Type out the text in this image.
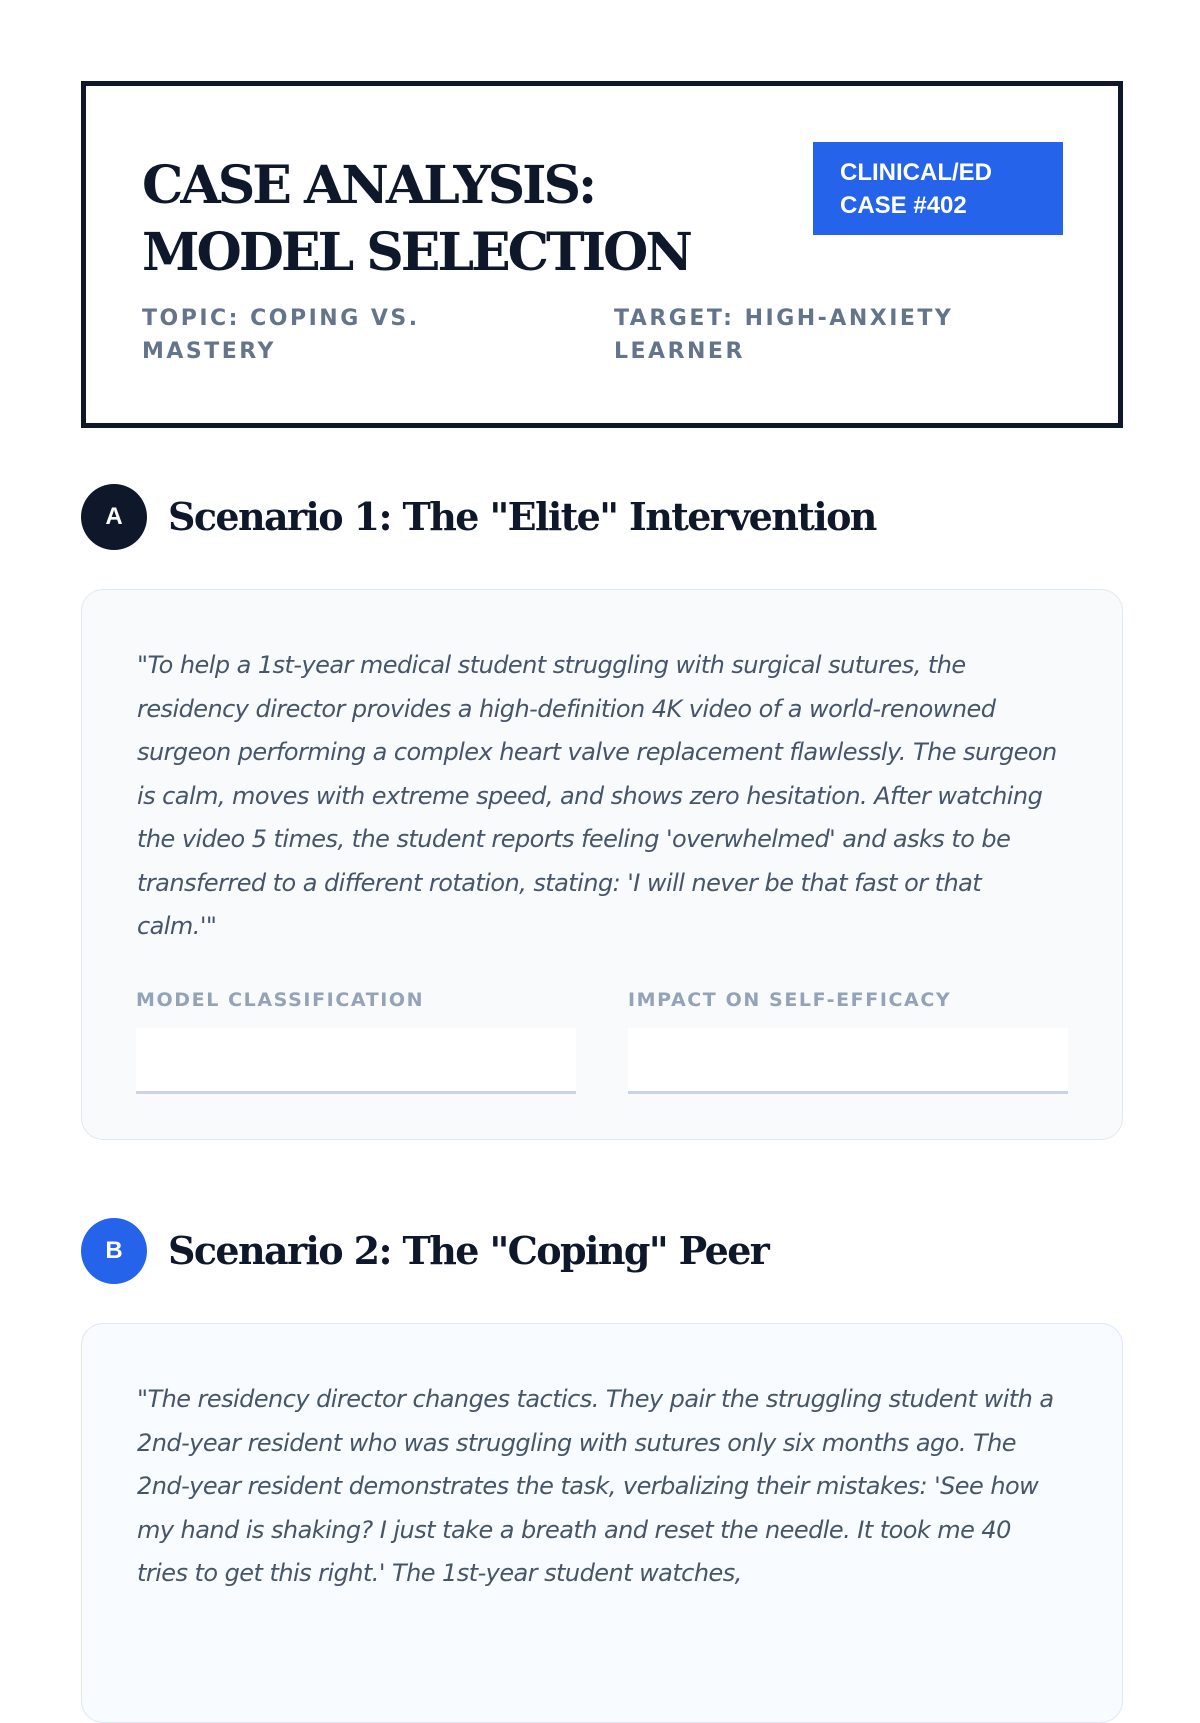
CASE ANALYSIS: MODEL SELECTION
CLINICAL/ED CASE #402
TOPIC: COPING VS. MASTERY
TARGET: HIGH-ANXIETY LEARNER
A	Scenario 1: The "Elite" Intervention

"To help a 1st-year medical student struggling with surgical sutures, the residency director provides a high-definition 4K video of a world-renowned surgeon performing a complex heart valve replacement flawlessly. The surgeon is calm, moves with extreme speed, and shows zero hesitation. After watching the video 5 times, the student reports feeling 'overwhelmed' and asks to be transferred to a different rotation, stating: 'I will never be that fast or that calm.'"

MODEL CLASSIFICATION	IMPACT ON SELF-EFFICACY
B	Scenario 2: The "Coping" Peer

"The residency director changes tactics. They pair the struggling student with a 2nd-year resident who was struggling with sutures only six months ago. The 2nd-year resident demonstrates the task, verbalizing their mistakes: 'See how my hand is shaking? I just take a breath and reset the needle. It took me 40 tries to get this right.' The 1st-year student watches,
